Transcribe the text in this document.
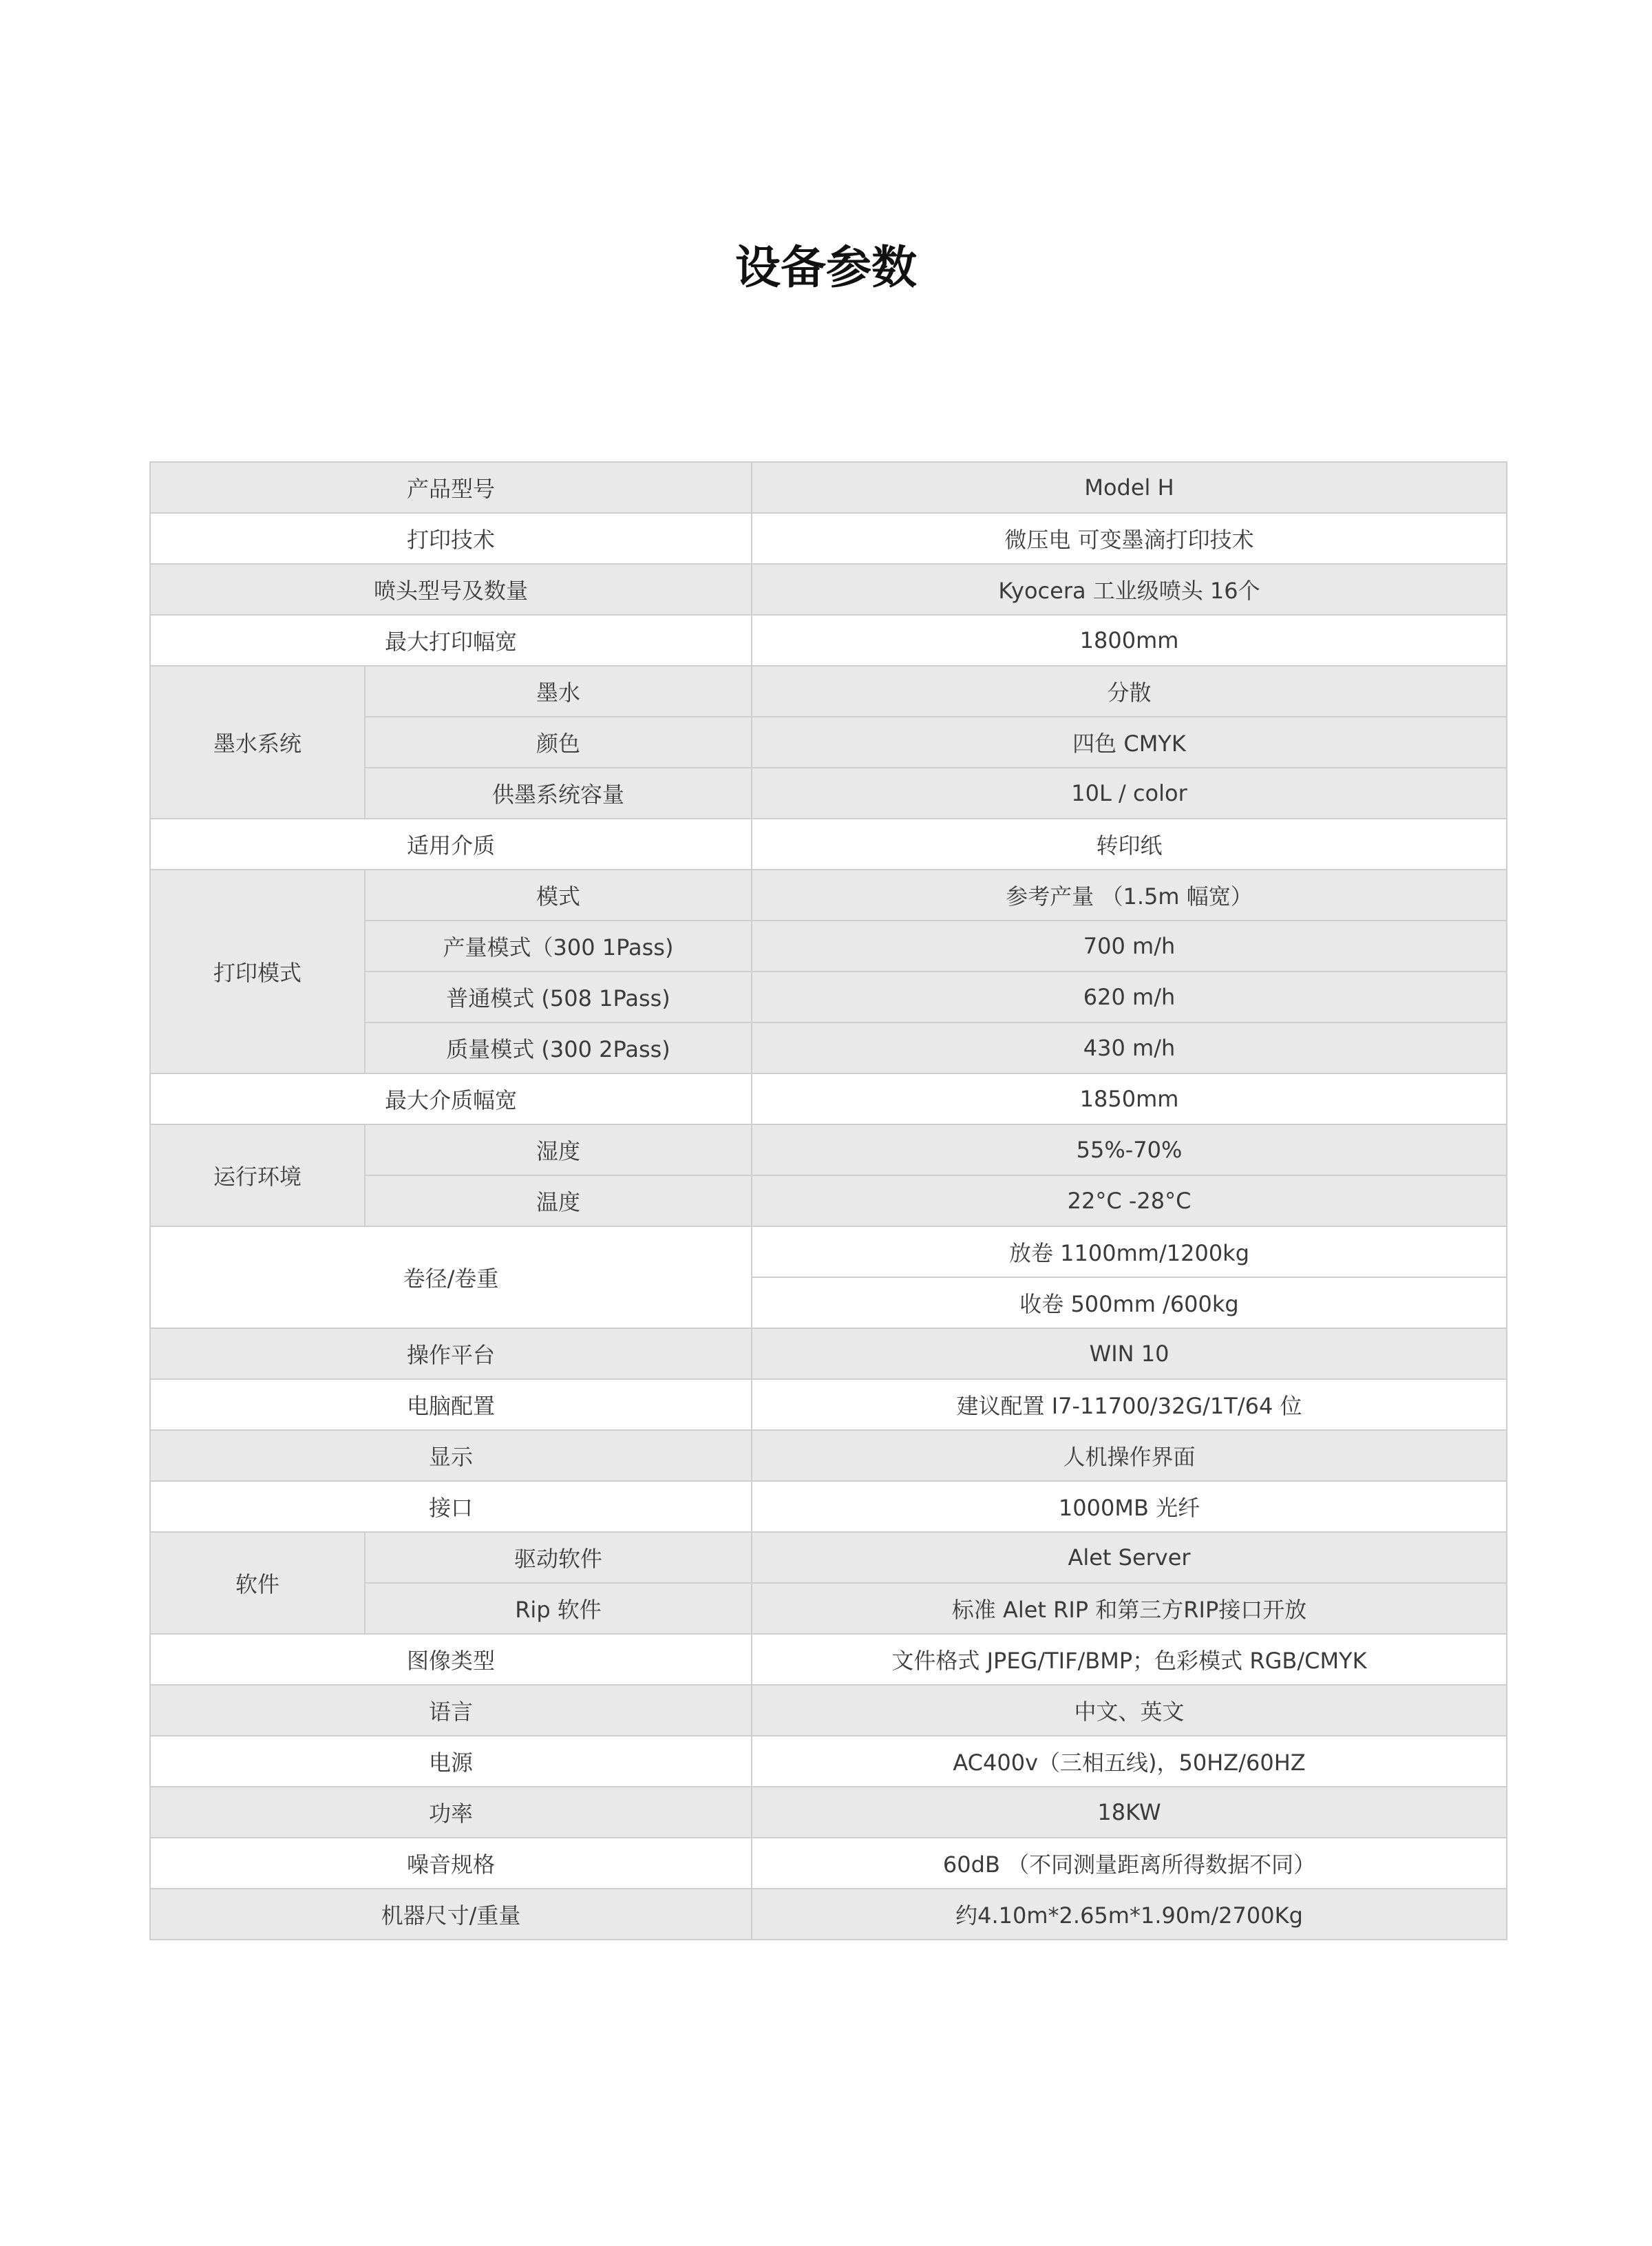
设备参数
产品型号		Model H
打印技术		微压电 可变墨滴打印技术
喷头型号及数量		Kyocera 工业级喷头 16个
最大打印幅宽		1800mm
墨水系统	墨水	分散
	颜色	四色 CMYK
	供墨系统容量	10L / color
适用介质		转印纸
打印模式	模式	参考产量 （1.5m 幅宽）
	产量模式（300 1Pass)	700 m/h
	普通模式 (508 1Pass)	620 m/h
	质量模式 (300 2Pass)	430 m/h
最大介质幅宽		1850mm
运行环境	湿度	55%-70%
	温度	22°C -28°C
卷径/卷重		放卷 1100mm/1200kg
		收卷 500mm /600kg
操作平台		WIN 10
电脑配置		建议配置 I7-11700/32G/1T/64 位
显示		人机操作界面
接口		1000MB 光纤
软件	驱动软件	Alet Server
	Rip 软件	标准 Alet RIP 和第三方RIP接口开放
图像类型		文件格式 JPEG/TIF/BMP；色彩模式 RGB/CMYK
语言		中文、英文
电源		AC400v（三相五线)，50HZ/60HZ
功率		18KW
噪音规格		60dB （不同测量距离所得数据不同）
机器尺寸/重量		约4.10m*2.65m*1.90m/2700Kg
